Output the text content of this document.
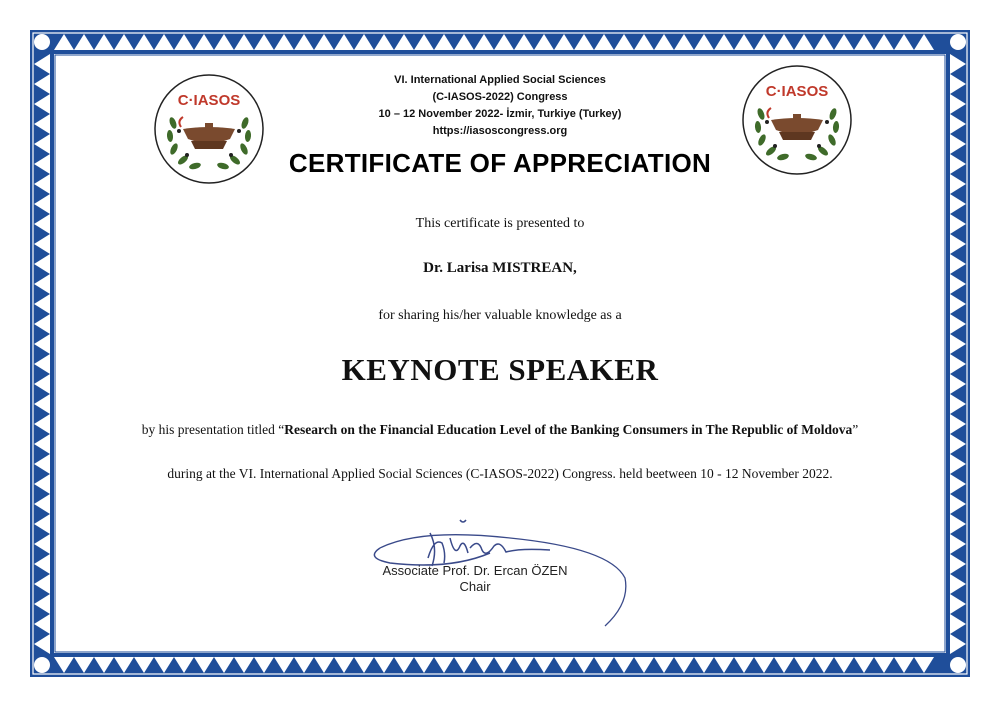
C·IASOS
C·IASOS
VI. International Applied Social Sciences
(C-IASOS-2022) Congress
10 – 12 November 2022- İzmir, Turkiye (Turkey)
https://iasoscongress.org
CERTIFICATE OF APPRECIATION
This certificate is presented to
Dr. Larisa MISTREAN,
for sharing his/her valuable knowledge as a
KEYNOTE SPEAKER
by his presentation titled “Research on the Financial Education Level of the Banking Consumers in The Republic of Moldova”
during at the VI. International Applied Social Sciences (C-IASOS-2022) Congress. held beetween 10 - 12 November 2022.
Associate Prof. Dr. Ercan ÖZEN
Chair
